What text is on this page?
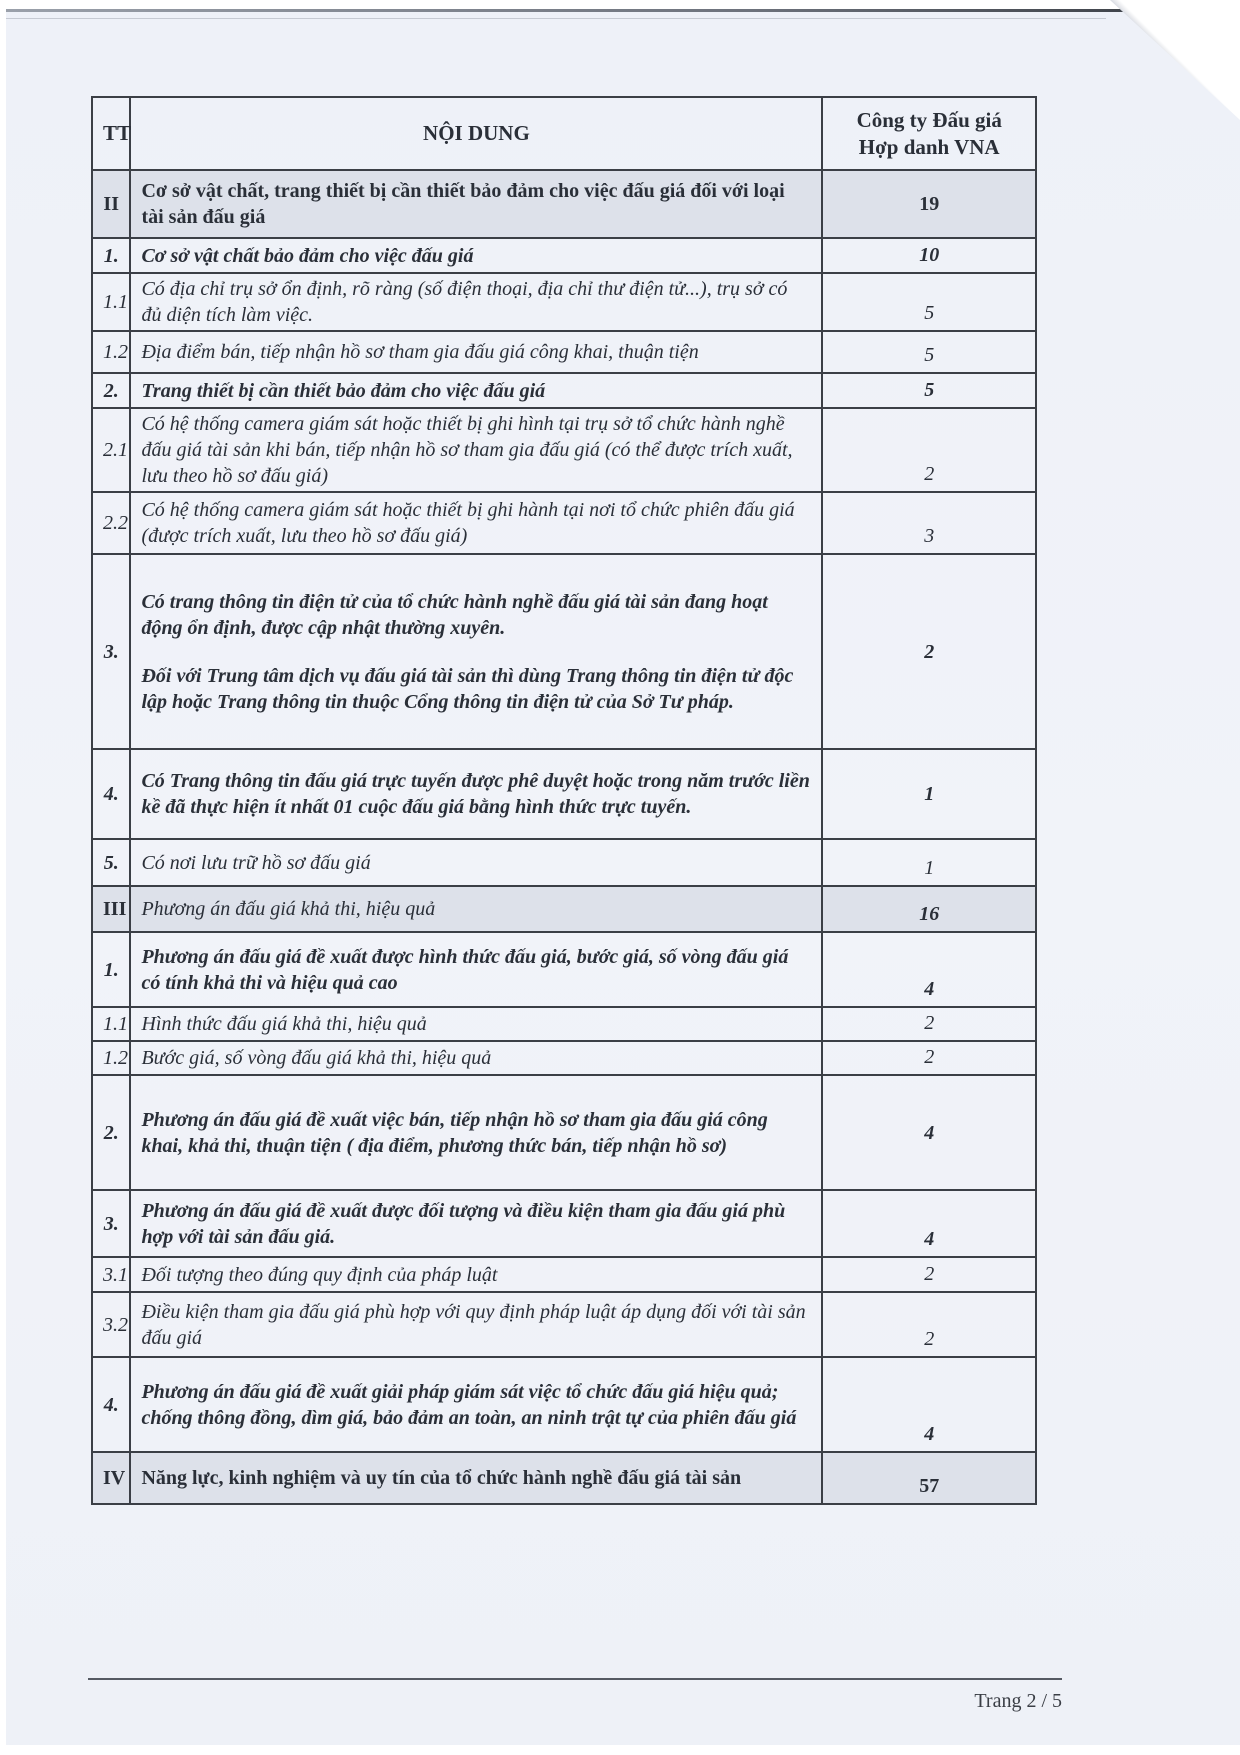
TT	NỘI DUNG	Công ty Đấu giá
Hợp danh VNA
II	Cơ sở vật chất, trang thiết bị cần thiết bảo đảm cho việc đấu giá đối với loại tài sản đấu giá	19
1.	Cơ sở vật chất bảo đảm cho việc đấu giá	10
1.1	Có địa chỉ trụ sở ổn định, rõ ràng (số điện thoại, địa chỉ thư điện tử...), trụ sở có đủ diện tích làm việc.	5
1.2	Địa điểm bán, tiếp nhận hồ sơ tham gia đấu giá công khai, thuận tiện	5
2.	Trang thiết bị cần thiết bảo đảm cho việc đấu giá	5
2.1	Có hệ thống camera giám sát hoặc thiết bị ghi hình tại trụ sở tổ chức hành nghề đấu giá tài sản khi bán, tiếp nhận hồ sơ tham gia đấu giá (có thể được trích xuất, lưu theo hồ sơ đấu giá)	2
2.2	Có hệ thống camera giám sát hoặc thiết bị ghi hành tại nơi tổ chức phiên đấu giá (được trích xuất, lưu theo hồ sơ đấu giá)	3
3.	Có trang thông tin điện tử của tổ chức hành nghề đấu giá tài sản đang hoạt động ổn định, được cập nhật thường xuyên.
Đối với Trung tâm dịch vụ đấu giá tài sản thì dùng Trang thông tin điện tử độc lập hoặc Trang thông tin thuộc Cổng thông tin điện tử của Sở Tư pháp.	2
4.	Có Trang thông tin đấu giá trực tuyến được phê duyệt hoặc trong năm trước liền kề đã thực hiện ít nhất 01 cuộc đấu giá bằng hình thức trực tuyến.	1
5.	Có nơi lưu trữ hồ sơ đấu giá	1
III	Phương án đấu giá khả thi, hiệu quả	16
1.	Phương án đấu giá đề xuất được hình thức đấu giá, bước giá, số vòng đấu giá có tính khả thi và hiệu quả cao	4
1.1	Hình thức đấu giá khả thi, hiệu quả	2
1.2	Bước giá, số vòng đấu giá khả thi, hiệu quả	2
2.	Phương án đấu giá đề xuất việc bán, tiếp nhận hồ sơ tham gia đấu giá công khai, khả thi, thuận tiện ( địa điểm, phương thức bán, tiếp nhận hồ sơ)	4
3.	Phương án đấu giá đề xuất được đối tượng và điều kiện tham gia đấu giá phù hợp với tài sản đấu giá.	4
3.1	Đối tượng theo đúng quy định của pháp luật	2
3.2	Điều kiện tham gia đấu giá phù hợp với quy định pháp luật áp dụng đối với tài sản đấu giá	2
4.	Phương án đấu giá đề xuất giải pháp giám sát việc tổ chức đấu giá hiệu quả; chống thông đồng, dìm giá, bảo đảm an toàn, an ninh trật tự của phiên đấu giá	4
IV	Năng lực, kinh nghiệm và uy tín của tổ chức hành nghề đấu giá tài sản	57
Trang 2 / 5
